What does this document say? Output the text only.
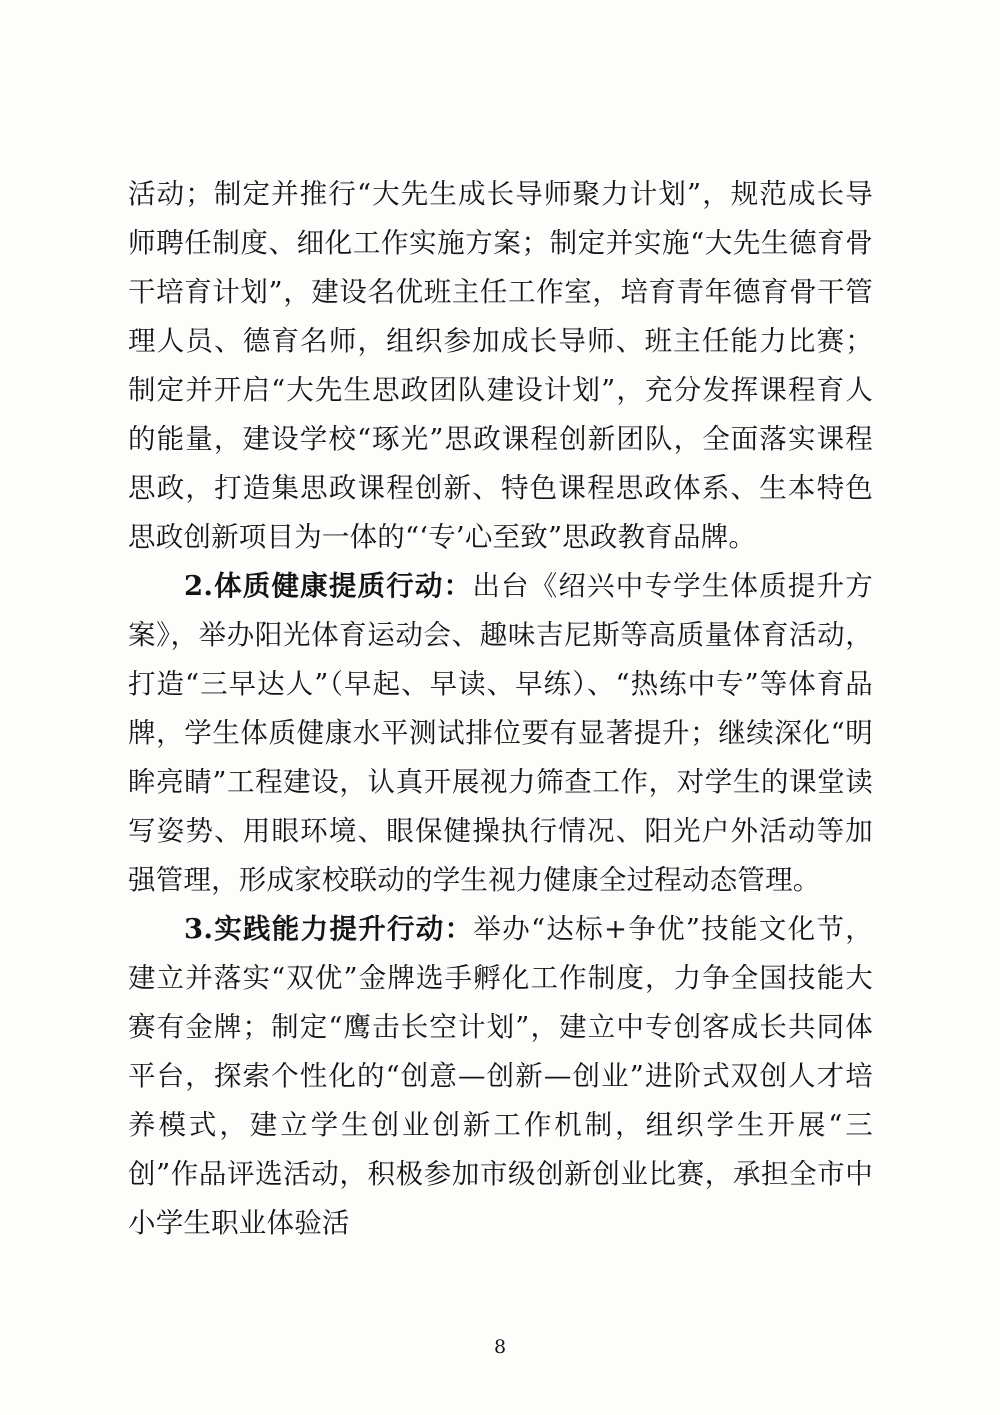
活动；制定并推行“大先生成长导师聚力计划”，规范成长导师聘任制度、细化工作实施方案；制定并实施“大先生德育骨干培育计划”，建设名优班主任工作室，培育青年德育骨干管理人员、德育名师，组织参加成长导师、班主任能力比赛；制定并开启“大先生思政团队建设计划”，充分发挥课程育人的能量，建设学校“琢光”思政课程创新团队，全面落实课程思政，打造集思政课程创新、特色课程思政体系、生本特色思政创新项目为一体的“‘专’心至致”思政教育品牌。

2.体质健康提质行动：出台《绍兴中专学生体质提升方案》，举办阳光体育运动会、趣味吉尼斯等高质量体育活动，打造“三早达人”（早起、早读、早练）、“热练中专”等体育品牌，学生体质健康水平测试排位要有显著提升；继续深化“明眸亮睛”工程建设，认真开展视力筛查工作，对学生的课堂读写姿势、用眼环境、眼保健操执行情况、阳光户外活动等加强管理，形成家校联动的学生视力健康全过程动态管理。

3.实践能力提升行动：举办“达标+争优”技能文化节，建立并落实“双优”金牌选手孵化工作制度，力争全国技能大赛有金牌；制定“鹰击长空计划”，建立中专创客成长共同体平台，探索个性化的“创意—创新—创业”进阶式双创人才培养模式，建立学生创业创新工作机制，组织学生开展“三创”作品评选活动，积极参加市级创新创业比赛，承担全市中小学生职业体验活

8
